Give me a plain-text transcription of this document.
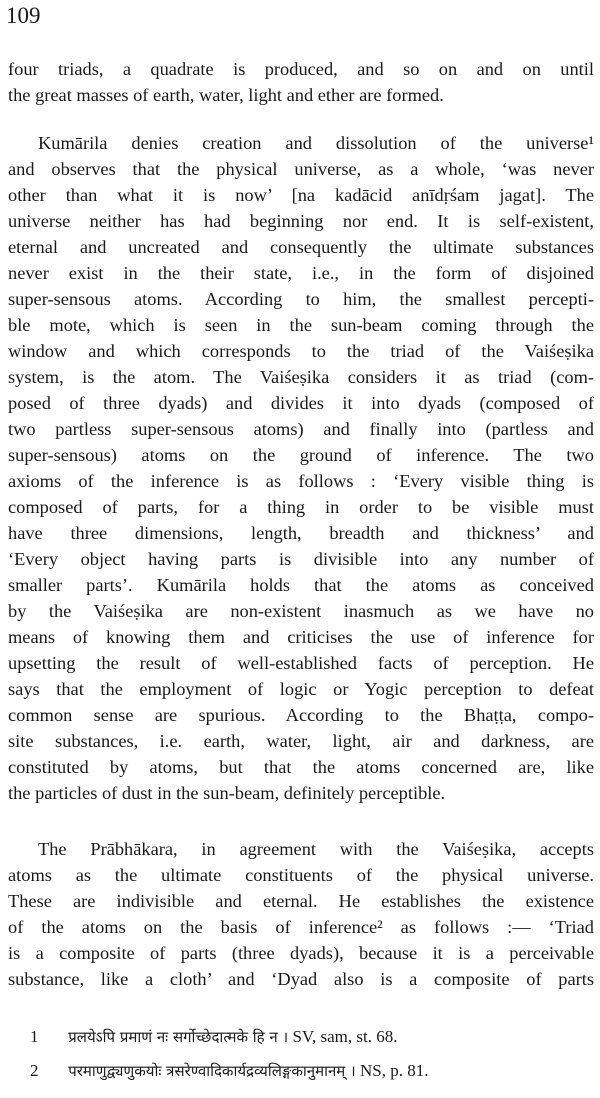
109
four triads, a quadrate is produced, and so on and on until
the great masses of earth, water, light and ether are formed.
Kumārila denies creation and dissolution of the universe¹
and observes that the physical universe, as a whole, ‘was never
other than what it is now’ [na kadācid anīdṛśam jagat]. The
universe neither has had beginning nor end. It is self-existent,
eternal and uncreated and consequently the ultimate substances
never exist in the their state, i.e., in the form of disjoined
super-sensous atoms. According to him, the smallest percepti-
ble mote, which is seen in the sun-beam coming through the
window and which corresponds to the triad of the Vaiśeṣika
system, is the atom. The Vaiśeṣika considers it as triad (com-
posed of three dyads) and divides it into dyads (composed of
two partless super-sensous atoms) and finally into (partless and
super-sensous) atoms on the ground of inference. The two
axioms of the inference is as follows : ‘Every visible thing is
composed of parts, for a thing in order to be visible must
have three dimensions, length, breadth and thickness’ and
‘Every object having parts is divisible into any number of
smaller parts’. Kumārila holds that the atoms as conceived
by the Vaiśeṣika are non-existent inasmuch as we have no
means of knowing them and criticises the use of inference for
upsetting the result of well-established facts of perception. He
says that the employment of logic or Yogic perception to defeat
common sense are spurious. According to the Bhaṭṭa, compo-
site substances, i.e. earth, water, light, air and darkness, are
constituted by atoms, but that the atoms concerned are, like
the particles of dust in the sun-beam, definitely perceptible.
The Prābhākara, in agreement with the Vaiśeṣika, accepts
atoms as the ultimate constituents of the physical universe.
These are indivisible and eternal. He establishes the existence
of the atoms on the basis of inference² as follows :— ‘Triad
is a composite of parts (three dyads), because it is a perceivable
substance, like a cloth’ and ‘Dyad also is a composite of parts
1 प्रलयेऽपि प्रमाणं नः सर्गोच्छेदात्मके हि न । SV, sam, st. 68.
2 परमाणुद्व्यणुकयोः त्रसरेण्वादिकार्यद्रव्यलिङ्गकानुमानम् । NS, p. 81.
